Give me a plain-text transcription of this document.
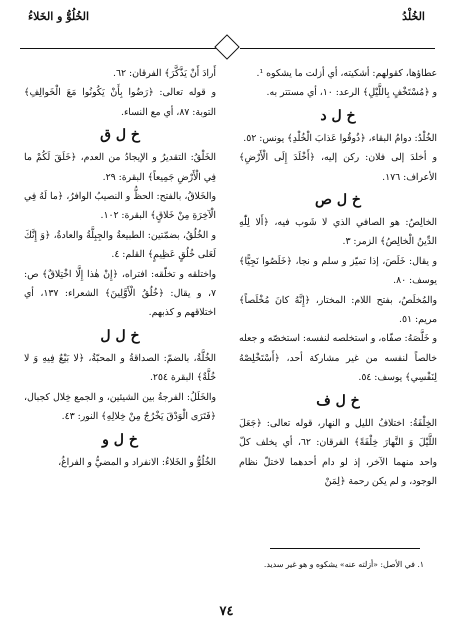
الخُلْدُ
الخُلُوُّ و الخَلاءُ

عطاؤها، كقولهم: أشكيته، أي أزلت ما يشكوه ¹.

و ﴿مُسْتَخْفٍ بِاللَّيْلِ﴾ الرعد: ١٠، أي مستتر به.

خ ل د

الخُلْدُ: دوامُ البقاء، ﴿ذُوقُوا عَذابَ الْخُلْدِ﴾ يونس: ٥٢.

و أخلدَ إلى فلان: ركن إليه، ﴿أَخْلَدَ إِلَى الْأَرْضِ﴾ الأعراف: ١٧٦.

خ ل ص

الخالِصُ: هو الصافي الذي لا شَوب فيه، ﴿أَلا لِلّٰهِ الدِّينُ الْخالِصُ﴾ الزمر: ٣.

و يقال: خَلَصَ، إذا تميّز و سلم و نجا، ﴿خَلَصُوا نَجِيًّا﴾ يوسف: ٨٠.

والمُخلَصُ، بفتح اللام: المختار، ﴿إِنَّهُ كانَ مُخْلَصاً﴾ مريم: ٥١.

و خَلَّصَهُ: صفّاه، و استخلصه لنفسه: استخصّه و جعله خالصاً لنفسه من غير مشاركة أحد، ﴿أَسْتَخْلِصْهُ لِنَفْسِي﴾ يوسف: ٥٤.

خ ل ف

الخِلْفَةُ: اختلافُ الليل و النهار، قوله تعالى: ﴿جَعَلَ اللَّيْلَ وَ النَّهارَ خِلْفَةً﴾ الفرقان: ٦٢، أي يخلف كلّ واحد منهما الآخر، إذ لو دام أحدهما لاختلّ نظام الوجود، و لم يكن رحمة ﴿لِمَنْ

أَرادَ أَنْ يَذَّكَّرَ﴾ الفرقان: ٦٢.

و قوله تعالى: ﴿رَضُوا بِأَنْ يَكُونُوا مَعَ الْخَوالِفِ﴾ التوبة: ٨٧، أي مع النساء.

خ ل ق

الخَلْقُ: التقديرُ و الإيجادُ من العدم، ﴿خَلَقَ لَكُمْ ما فِي الْأَرْضِ جَمِيعاً﴾ البقرة: ٢٩.

والخَلاقُ، بالفتح: الحظُّ و النصيبُ الوافرُ، ﴿ما لَهُ فِي الْآخِرَةِ مِنْ خَلاقٍ﴾ البقرة: ١٠٢.

و الخُلُقُ، بضمّتين: الطبيعةُ والجِبِلَّةُ والعادةُ، ﴿وَ إِنَّكَ لَعَلى خُلُقٍ عَظِيمٍ﴾ القلم: ٤.

واختلقه و تخلّقه: افتراه، ﴿إِنْ هٰذا إِلَّا اخْتِلاقٌ﴾ ص: ٧، و يقال: ﴿خُلُقُ الْأَوَّلِينَ﴾ الشعراء: ١٣٧، أي اختلاقهم و كذبهم.

خ ل ل

الخُلَّةُ، بالضمّ: الصداقةُ و المحبّةُ، ﴿لا بَيْعٌ فِيهِ وَ لا خُلَّةٌ﴾ البقرة ٢٥٤.

والخَلَلُ: الفرجةُ بين الشيئين، و الجمع خِلال كجبال، ﴿فَتَرَى الْوَدْقَ يَخْرُجُ مِنْ خِلالِهِ﴾ النور: ٤٣.

خ ل و

الخُلُوُّ و الخَلاءُ: الانفراد و المضيُّ و الفراغُ،

١. في الأصل: «أزلته عنه» يشكوه و هو غير سديد.
٧٤
